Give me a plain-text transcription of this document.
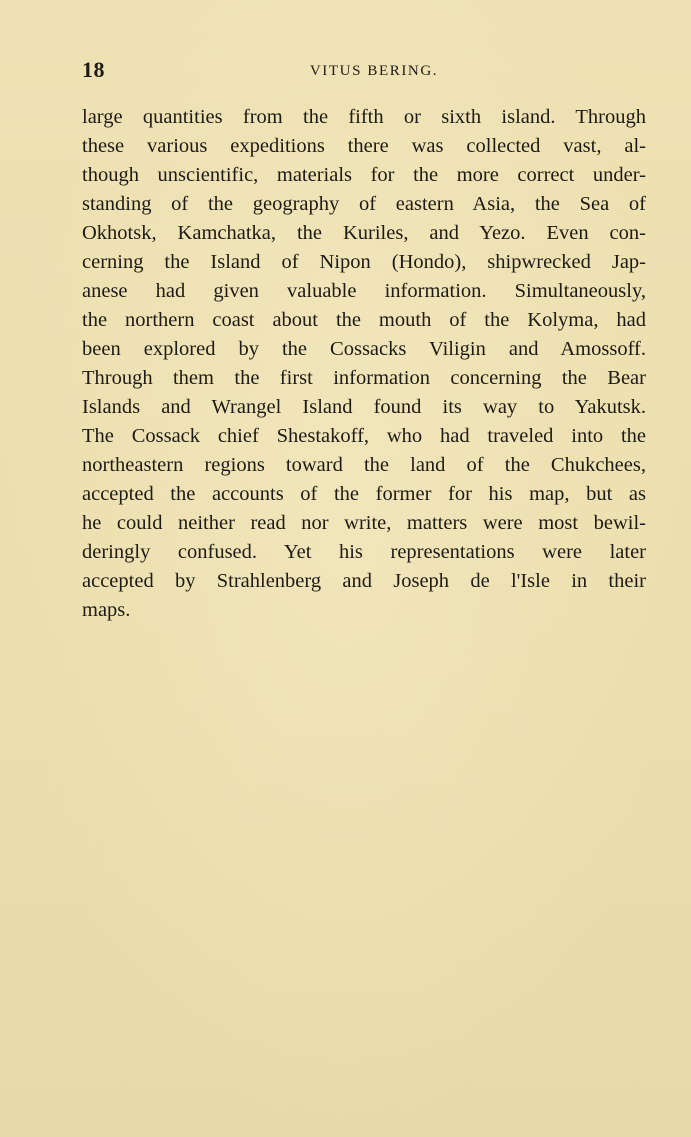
18	VITUS BERING.
large quantities from the fifth or sixth island. Through
these various expeditions there was collected vast, al-
though unscientific, materials for the more correct under-
standing of the geography of eastern Asia, the Sea of
Okhotsk, Kamchatka, the Kuriles, and Yezo. Even con-
cerning the Island of Nipon (Hondo), shipwrecked Jap-
anese had given valuable information. Simultaneously,
the northern coast about the mouth of the Kolyma, had
been explored by the Cossacks Viligin and Amossoff.
Through them the first information concerning the Bear
Islands and Wrangel Island found its way to Yakutsk.
The Cossack chief Shestakoff, who had traveled into the
northeastern regions toward the land of the Chukchees,
accepted the accounts of the former for his map, but as
he could neither read nor write, matters were most bewil-
deringly confused. Yet his representations were later
accepted by Strahlenberg and Joseph de l'Isle in their
maps.
